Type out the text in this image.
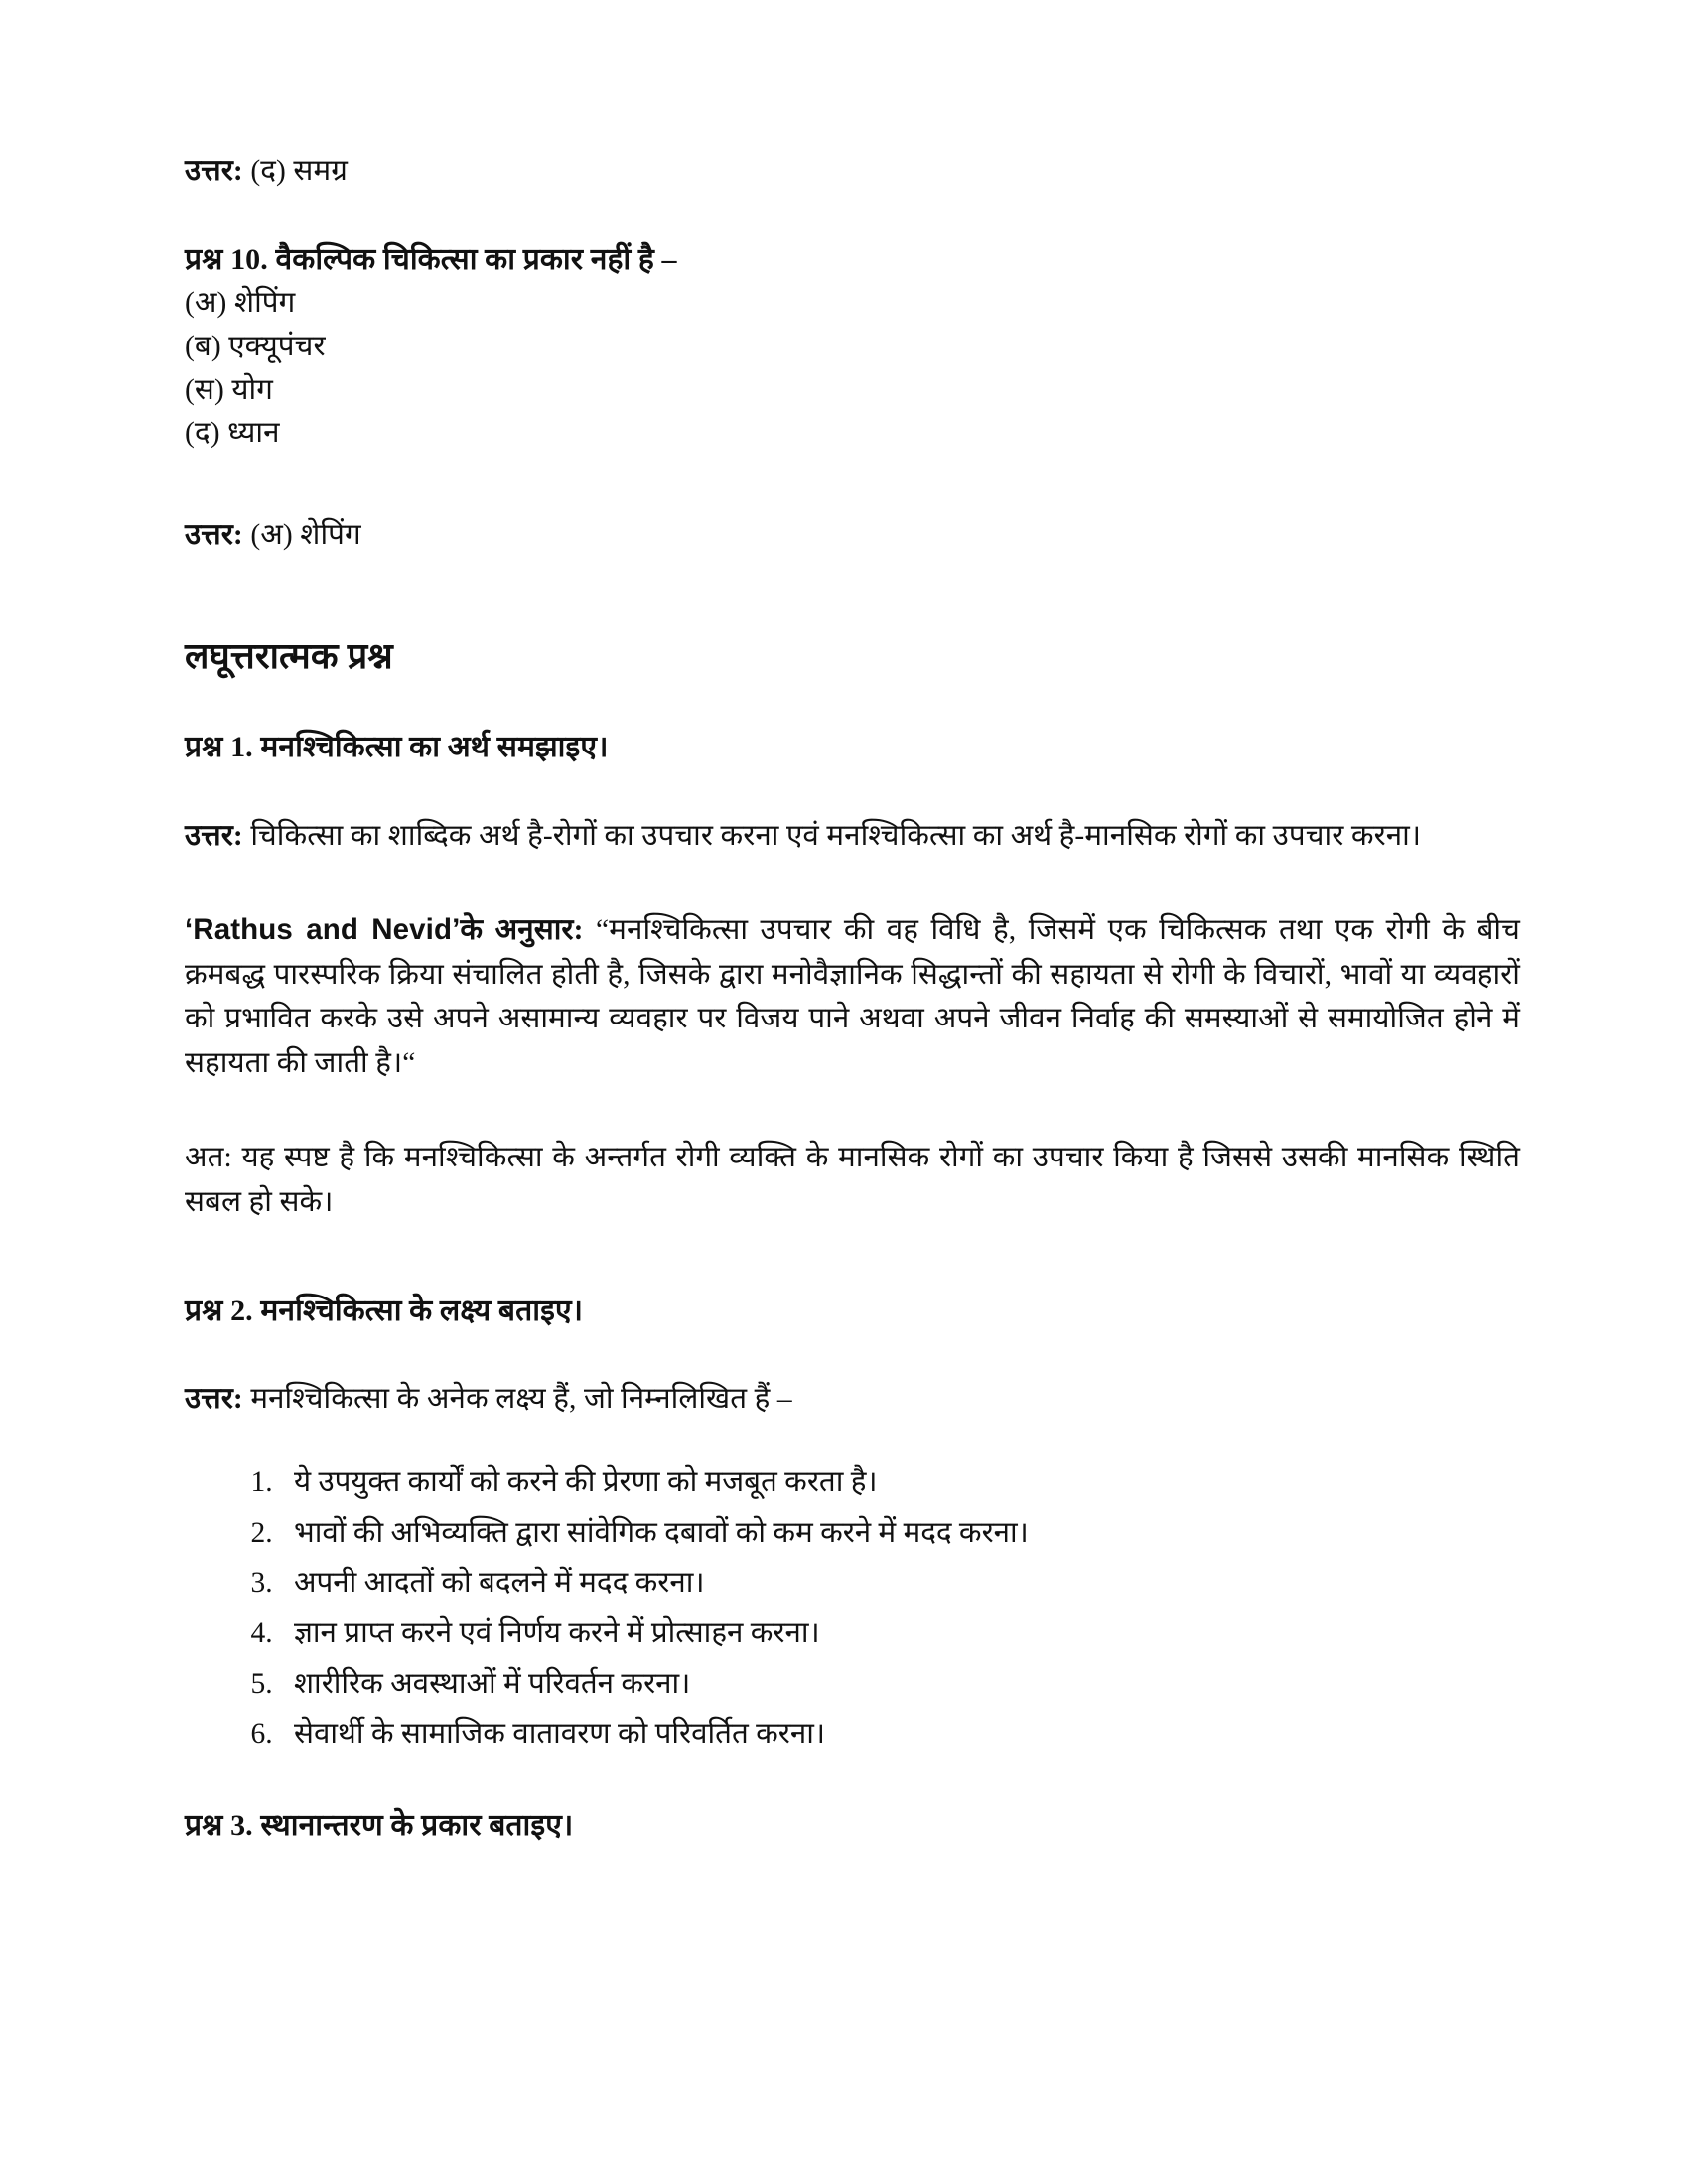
उत्तर: (द) समग्र

प्रश्न 10. वैकल्पिक चिकित्सा का प्रकार नहीं है –

(अ) शेपिंग

(ब) एक्यूपंचर

(स) योग

(द) ध्यान

उत्तर: (अ) शेपिंग

लघूत्तरात्मक प्रश्न

प्रश्न 1. मनश्चिकित्सा का अर्थ समझाइए।

उत्तर: चिकित्सा का शाब्दिक अर्थ है-रोगों का उपचार करना एवं मनश्चिकित्सा का अर्थ है-मानसिक रोगों का उपचार करना।

‘Rathus and Nevid’के अनुसार: “मनश्चिकित्सा उपचार की वह विधि है, जिसमें एक चिकित्सक तथा एक रोगी के बीच क्रमबद्ध पारस्परिक क्रिया संचालित होती है, जिसके द्वारा मनोवैज्ञानिक सिद्धान्तों की सहायता से रोगी के विचारों, भावों या व्यवहारों को प्रभावित करके उसे अपने असामान्य व्यवहार पर विजय पाने अथवा अपने जीवन निर्वाह की समस्याओं से समायोजित होने में सहायता की जाती है।“

अत: यह स्पष्ट है कि मनश्चिकित्सा के अन्तर्गत रोगी व्यक्ति के मानसिक रोगों का उपचार किया है जिससे उसकी मानसिक स्थिति सबल हो सके।

प्रश्न 2. मनश्चिकित्सा के लक्ष्य बताइए।

उत्तर: मनश्चिकित्सा के अनेक लक्ष्य हैं, जो निम्नलिखित हैं –

1. ये उपयुक्त कार्यों को करने की प्रेरणा को मजबूत करता है।
2. भावों की अभिव्यक्ति द्वारा सांवेगिक दबावों को कम करने में मदद करना।
3. अपनी आदतों को बदलने में मदद करना।
4. ज्ञान प्राप्त करने एवं निर्णय करने में प्रोत्साहन करना।
5. शारीरिक अवस्थाओं में परिवर्तन करना।
6. सेवार्थी के सामाजिक वातावरण को परिवर्तित करना।

प्रश्न 3. स्थानान्तरण के प्रकार बताइए।
